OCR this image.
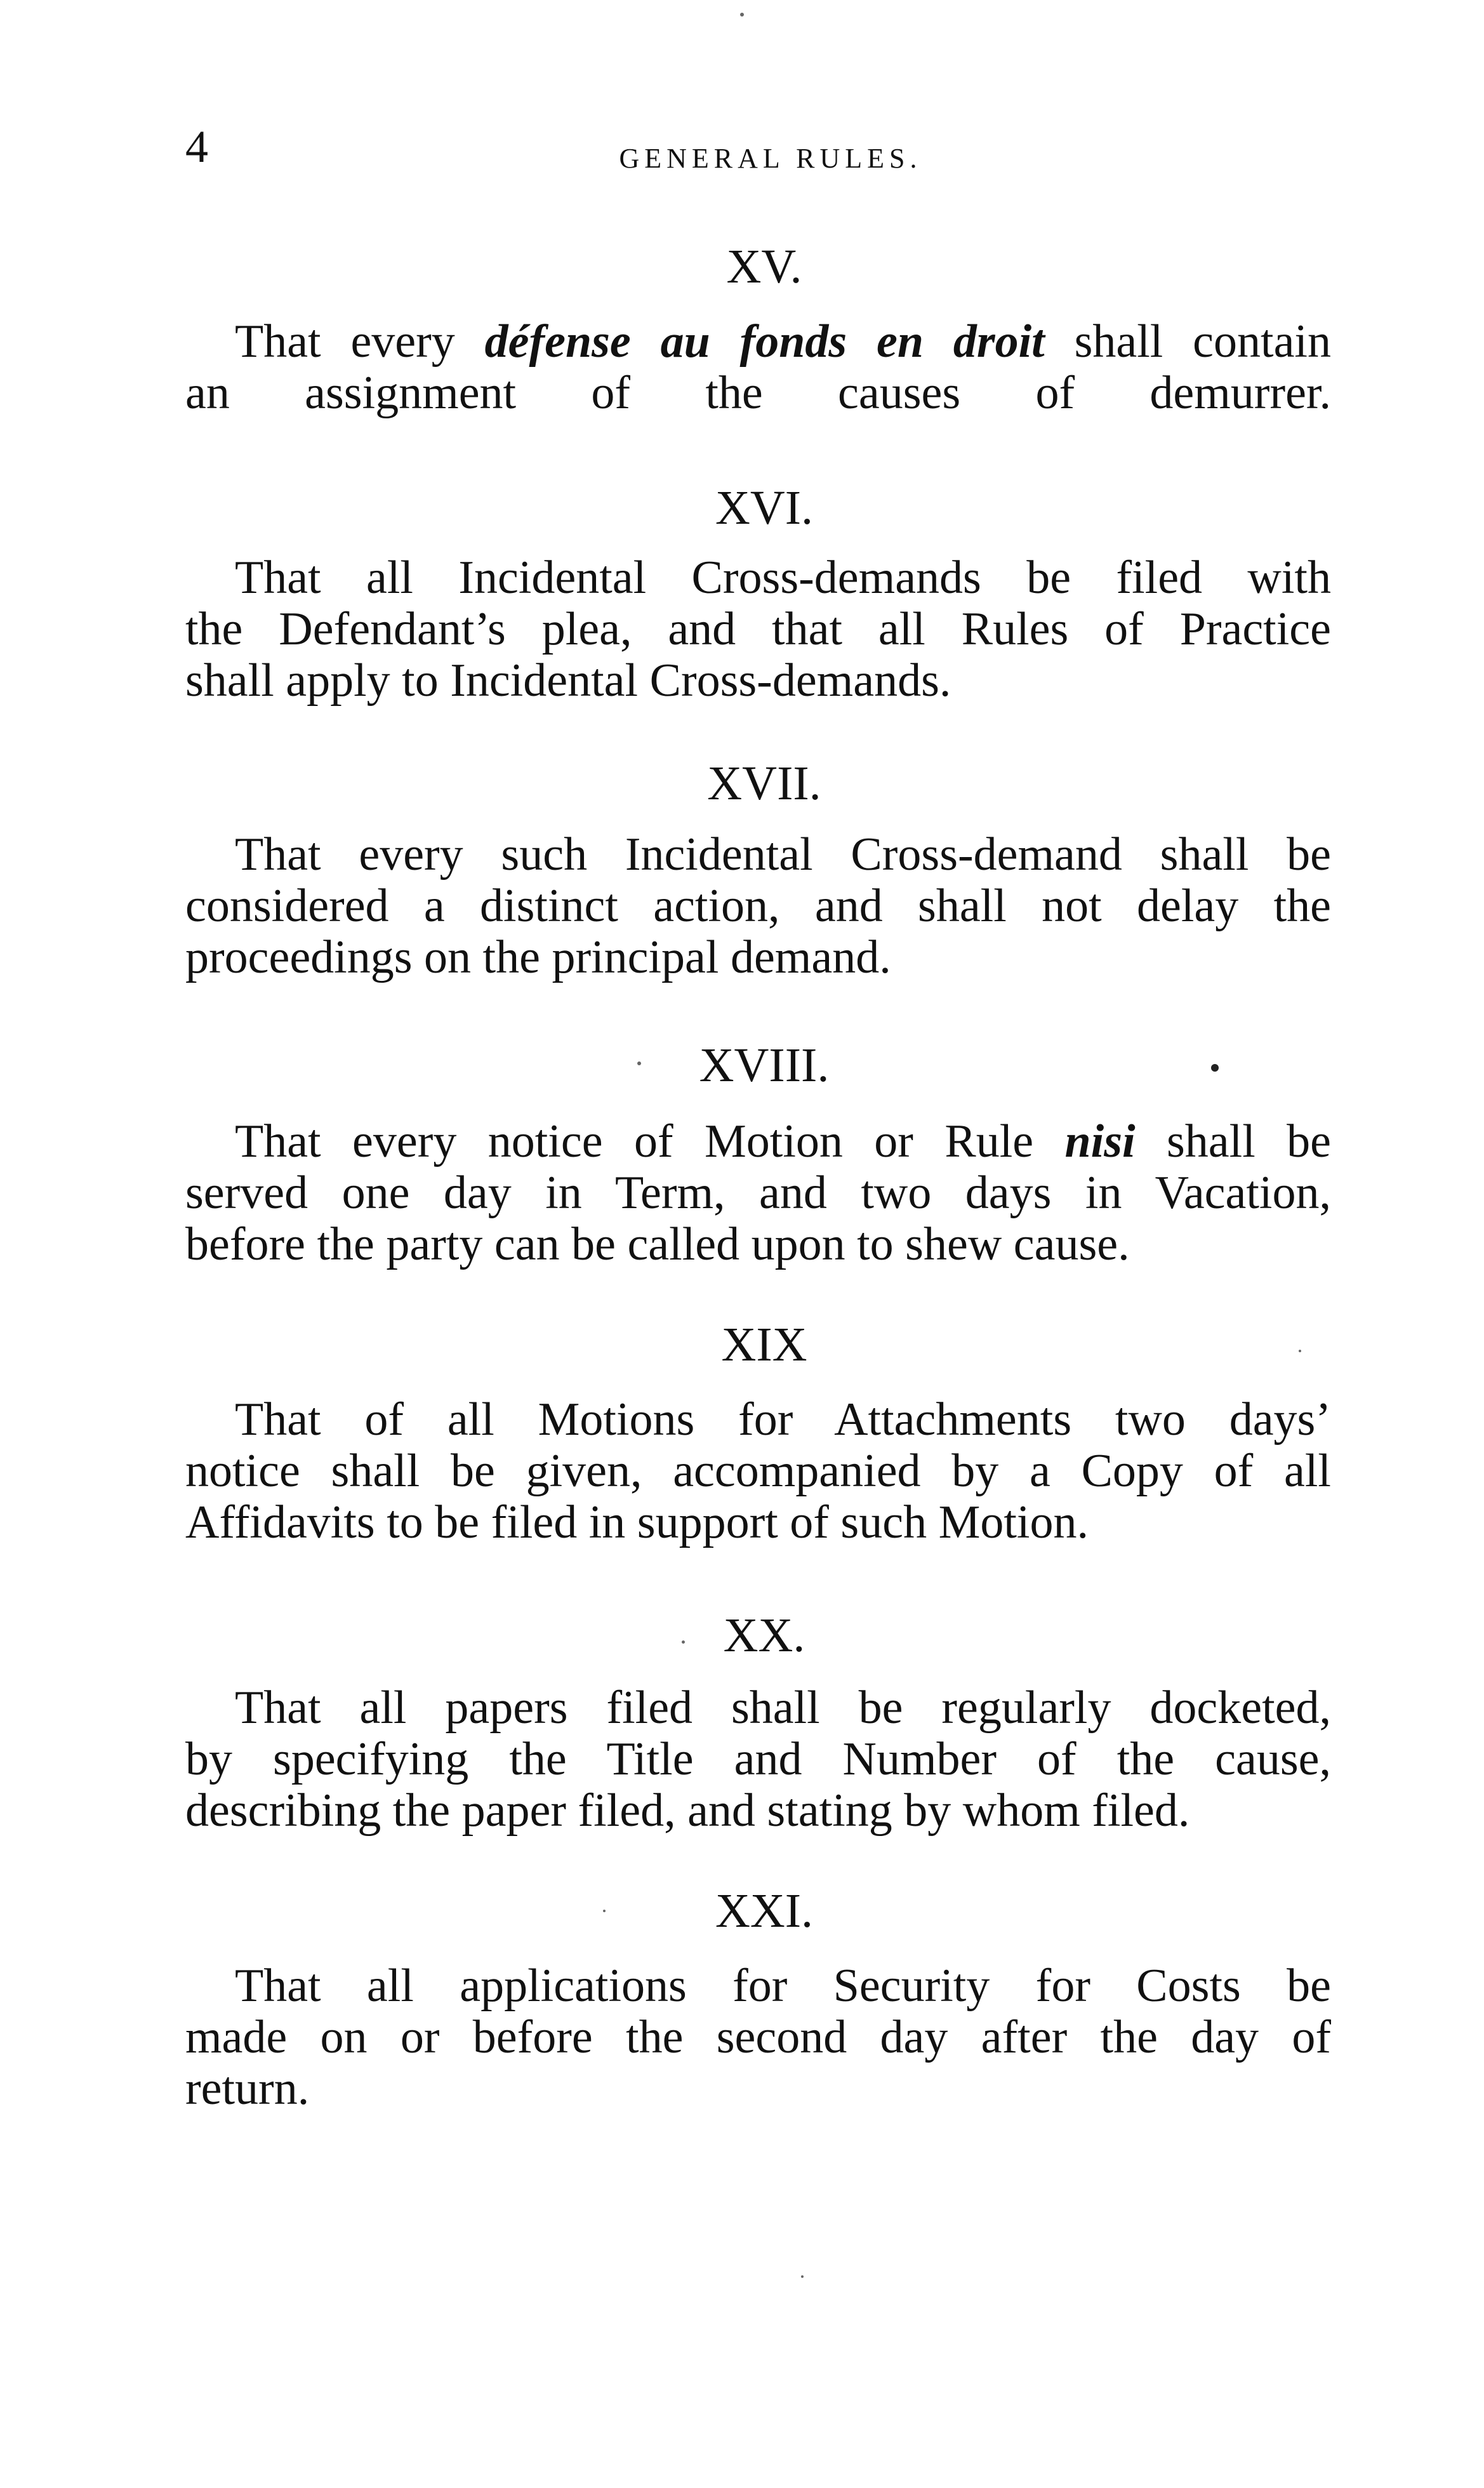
4	GENERAL RULES.
XV.
That every défense au fonds en droit shall contain
an assignment of the causes of demurrer.
XVI.
That all Incidental Cross-demands be filed with
the Defendant’s plea, and that all Rules of Practice
shall apply to Incidental Cross-demands.
XVII.
That every such Incidental Cross-demand shall be
considered a distinct action, and shall not delay the
proceedings on the principal demand.
XVIII.
That every notice of Motion or Rule nisi shall be
served one day in Term, and two days in Vacation,
before the party can be called upon to shew cause.
XIX
That of all Motions for Attachments two days’
notice shall be given, accompanied by a Copy of all
Affidavits to be filed in support of such Motion.
XX.
That all papers filed shall be regularly docketed,
by specifying the Title and Number of the cause,
describing the paper filed, and stating by whom filed.
XXI.
That all applications for Security for Costs be
made on or before the second day after the day of
return.
